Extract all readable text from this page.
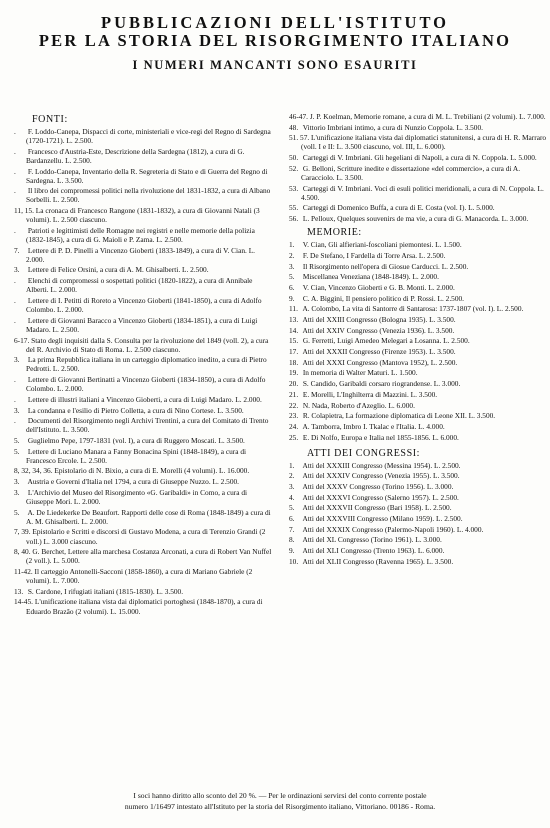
PUBBLICAZIONI DELL'ISTITUTO
PER LA STORIA DEL RISORGIMENTO ITALIANO
I NUMERI MANCANTI SONO ESAURITI
FONTI:
. F. Loddo-Canepa, Dispacci di corte, ministeriali e vice-regi del Regno di Sardegna (1720-1721). L. 2.500.
. Francesco d'Austria-Este, Descrizione della Sardegna (1812), a cura di G. Bardanzellu. L. 2.500.
. F. Loddo-Canepa, Inventario della R. Segreteria di Stato e di Guerra del Regno di Sardegna. L. 3.500.
. Il libro dei compromessi politici nella rivoluzione del 1831-1832, a cura di Albano Sorbelli. L. 2.500.
11, 15. La cronaca di Francesco Rangone (1831-1832), a cura di Giovanni Natali (3 volumi). L. 2.500 ciascuno.
. Patrioti e legittimisti delle Romagne nei registri e nelle memorie della polizia (1832-1845), a cura di G. Maioli e P. Zama. L. 2.500.
7. Lettere di P. D. Pinelli a Vincenzo Gioberti (1833-1849), a cura di V. Cian. L. 2.000.
3. Lettere di Felice Orsini, a cura di A. M. Ghisalberti. L. 2.500.
. Elenchi di compromessi o sospettati politici (1820-1822), a cura di Annibale Alberti. L. 2.000.
. Lettere di I. Petitti di Roreto a Vincenzo Gioberti (1841-1850), a cura di Adolfo Colombo. L. 2.000.
. Lettere di Giovanni Baracco a Vincenzo Gioberti (1834-1851), a cura di Luigi Madaro. L. 2.500.
6-17. Stato degli inquisiti dalla S. Consulta per la rivoluzione del 1849 (voll. 2), a cura del R. Archivio di Stato di Roma. L. 2.500 ciascuno.
3. La prima Repubblica italiana in un carteggio diplomatico inedito, a cura di Pietro Pedrotti. L. 2.500.
. Lettere di Giovanni Bertinatti a Vincenzo Gioberti (1834-1850), a cura di Adolfo Colombo. L. 2.000.
. Lettere di illustri italiani a Vincenzo Gioberti, a cura di Luigi Madaro. L. 2.000.
3. La condanna e l'esilio di Pietro Colletta, a cura di Nino Cortese. L. 3.500.
. Documenti del Risorgimento negli Archivi Trentini, a cura del Comitato di Trento dell'Istituto. L. 3.500.
5. Guglielmo Pepe, 1797-1831 (vol. I), a cura di Ruggero Moscati. L. 3.500.
5. Lettere di Luciano Manara a Fanny Bonacina Spini (1848-1849), a cura di Francesco Ercole. L. 2.500.
8, 32, 34, 36. Epistolario di N. Bixio, a cura di E. Morelli (4 volumi). L. 16.000.
3. Austria e Governi d'Italia nel 1794, a cura di Giuseppe Nuzzo. L. 2.500.
3. L'Archivio del Museo del Risorgimento «G. Garibaldi» in Como, a cura di Giuseppe Mori. L. 2.000.
5. A. De Liedekerke De Beaufort. Rapporti delle cose di Roma (1848-1849) a cura di A. M. Ghisalberti. L. 2.000.
7, 39. Epistolario e Scritti e discorsi di Gustavo Modena, a cura di Terenzio Grandi (2 voll.) L. 3.000 ciascuno.
8, 40. G. Berchet, Lettere alla marchesa Costanza Arconati, a cura di Robert Van Nuffel (2 voll.). L. 5.000.
11-42. Il carteggio Antonelli-Sacconi (1858-1860), a cura di Mariano Gabriele (2 volumi). L. 7.000.
13. S. Cardone, I rifugiati italiani (1815-1830). L. 3.500.
14-45. L'unificazione italiana vista dai diplomatici portoghesi (1848-1870), a cura di Eduardo Brazão (2 volumi). L. 15.000.
46-47. J. P. Koelman, Memorie romane, a cura di M. L. Trebiliani (2 volumi). L. 7.000.
48. Vittorio Imbriani intimo, a cura di Nunzio Coppola. L. 3.500.
51. 57. L'unificazione italiana vista dai diplomatici statunitensi, a cura di H. R. Marraro (voll. I e II: L. 3.500 ciascuno, vol. III, L. 6.000).
50. Carteggi di V. Imbriani. Gli hegeliani di Napoli, a cura di N. Coppola. L. 5.000.
52. G. Belloni, Scritture inedite e dissertazione «del commercio», a cura di A. Caracciolo. L. 3.500.
53. Carteggi di V. Imbriani. Voci di esuli politici meridionali, a cura di N. Coppola. L. 4.500.
55. Carteggi di Domenico Buffa, a cura di E. Costa (vol. I). L. 5.000.
56. L. Pelloux, Quelques souvenirs de ma vie, a cura di G. Manacorda. L. 3.000.
MEMORIE:
1. V. Cian, Gli alfieriani-foscoliani piemontesi. L. 1.500.
2. F. De Stefano, I Fardella di Torre Arsa. L. 2.500.
3. Il Risorgimento nell'opera di Giosue Carducci. L. 2.500.
5. Miscellanea Veneziana (1848-1849). L. 2.000.
6. V. Cian, Vincenzo Gioberti e G. B. Monti. L. 2.000.
9. C. A. Biggini, Il pensiero politico di P. Rossi. L. 2.500.
11. A. Colombo, La vita di Santorre di Santarosa: 1737-1807 (vol. I). L. 2.500.
13. Atti del XXIII Congresso (Bologna 1935). L. 3.500.
14. Atti del XXIV Congresso (Venezia 1936). L. 3.500.
15. G. Ferretti, Luigi Amedeo Melegari a Losanna. L. 2.500.
17. Atti del XXXII Congresso (Firenze 1953). L. 3.500.
18. Atti del XXXI Congresso (Mantova 1952), L. 2.500.
19. In memoria di Walter Maturi. L. 1.500.
20. S. Candido, Garibaldi corsaro riograndense. L. 3.000.
21. E. Morelli, L'Inghilterra di Mazzini. L. 3.500.
22. N. Nada, Roberto d'Azeglio. L. 6.000.
23. R. Colapietra, La formazione diplomatica di Leone XII. L. 3.500.
24. A. Tamborra, Imbro I. Tkalac e l'Italia. L. 4.000.
25. E. Di Nolfo, Europa e Italia nel 1855-1856. L. 6.000.
ATTI DEI CONGRESSI:
1. Atti del XXXIII Congresso (Messina 1954). L. 2.500.
2. Atti del XXXIV Congresso (Venezia 1955). L. 3.500.
3. Atti del XXXV Congresso (Torino 1956). L. 3.000.
4. Atti del XXXVI Congresso (Salerno 1957). L. 2.500.
5. Atti del XXXVII Congresso (Bari 1958). L. 2.500.
6. Atti del XXXVIII Congresso (Milano 1959). L. 2.500.
7. Atti del XXXIX Congresso (Palermo-Napoli 1960). L. 4.000.
8. Atti del XL Congresso (Torino 1961). L. 3.000.
9. Atti del XLI Congresso (Trento 1963). L. 6.000.
10. Atti del XLII Congresso (Ravenna 1965). L. 3.500.
I soci hanno diritto allo sconto del 20 %. — Per le ordinazioni servirsi del conto corrente postale
numero 1/16497 intestato all'Istituto per la storia del Risorgimento italiano, Vittoriano. 00186 - Roma.
